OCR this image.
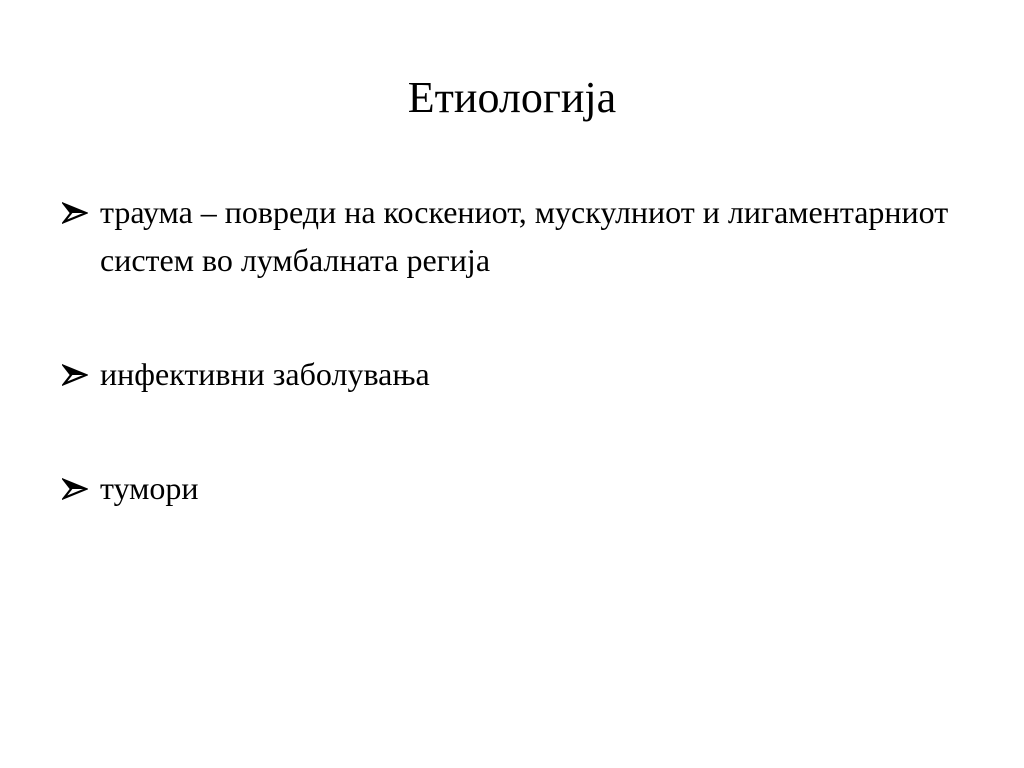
Етиологија
траума – повреди на коскениот, мускулниот и лигаментарниот систем во лумбалната регија
инфективни заболувања
тумори
